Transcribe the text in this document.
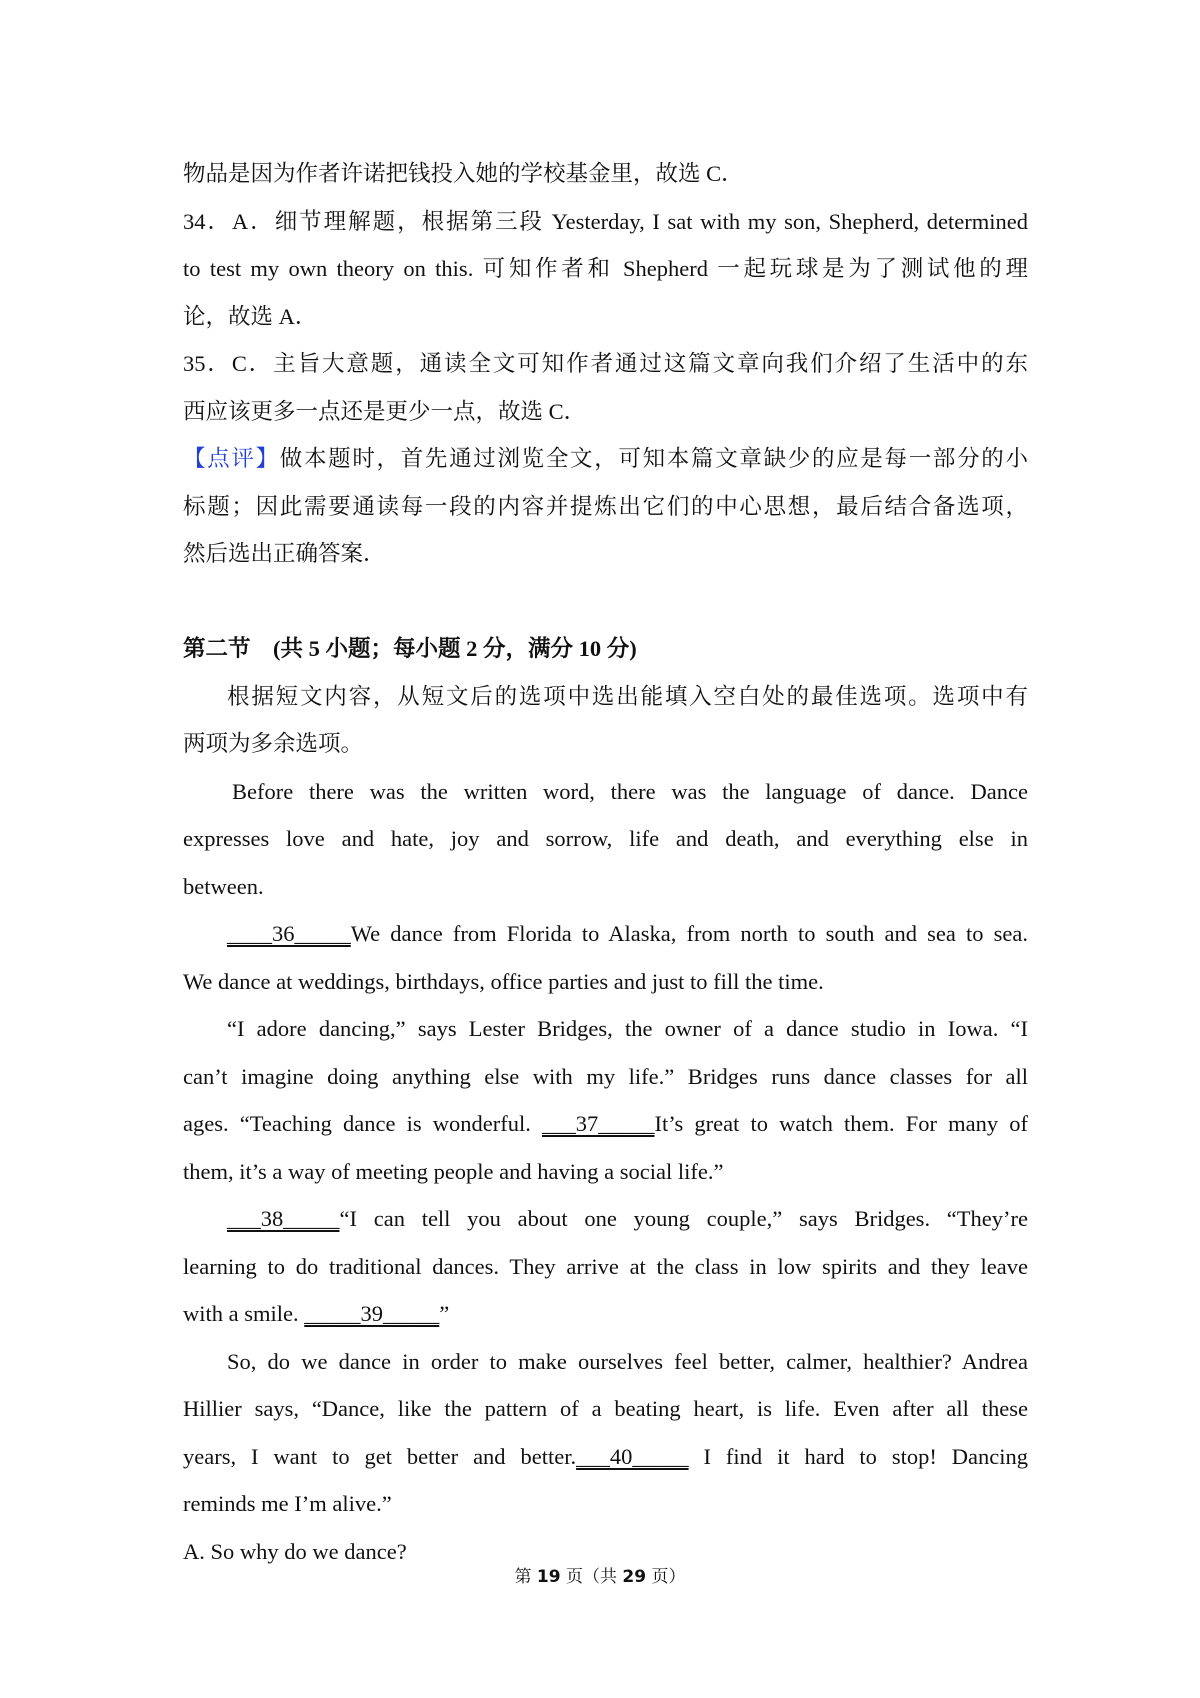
物品是因为作者许诺把钱投入她的学校基金里，故选 C．
34．A．细节理解题，根据第三段 Yesterday, I sat with my son, Shepherd, determined
to test my own theory on this. 可知作者和 Shepherd 一起玩球是为了测试他的理
论，故选 A．
35．C．主旨大意题，通读全文可知作者通过这篇文章向我们介绍了生活中的东
西应该更多一点还是更少一点，故选 C．
【点评】做本题时，首先通过浏览全文，可知本篇文章缺少的应是每一部分的小
标题；因此需要通读每一段的内容并提炼出它们的中心思想，最后结合备选项，
然后选出正确答案．
第二节　(共 5 小题；每小题 2 分，满分 10 分)
根据短文内容，从短文后的选项中选出能填入空白处的最佳选项。选项中有
两项为多余选项。
Before there was the written word, there was the language of dance. Dance
expresses love and hate, joy and sorrow, life and death, and everything else in
between.
____36_____We dance from Florida to Alaska, from north to south and sea to sea.
We dance at weddings, birthdays, office parties and just to fill the time.
“I adore dancing,” says Lester Bridges, the owner of a dance studio in Iowa. “I
can’t imagine doing anything else with my life.” Bridges runs dance classes for all
ages. “Teaching dance is wonderful. ___37_____It’s great to watch them. For many of
them, it’s a way of meeting people and having a social life.”
___38_____“I can tell you about one young couple,” says Bridges. “They’re
learning to do traditional dances. They arrive at the class in low spirits and they leave
with a smile. _____39_____”
So, do we dance in order to make ourselves feel better, calmer, healthier? Andrea
Hillier says, “Dance, like the pattern of a beating heart, is life. Even after all these
years, I want to get better and better.___40_____ I find it hard to stop! Dancing
reminds me I’m alive.”
A. So why do we dance?
第 19 页（共 29 页）
